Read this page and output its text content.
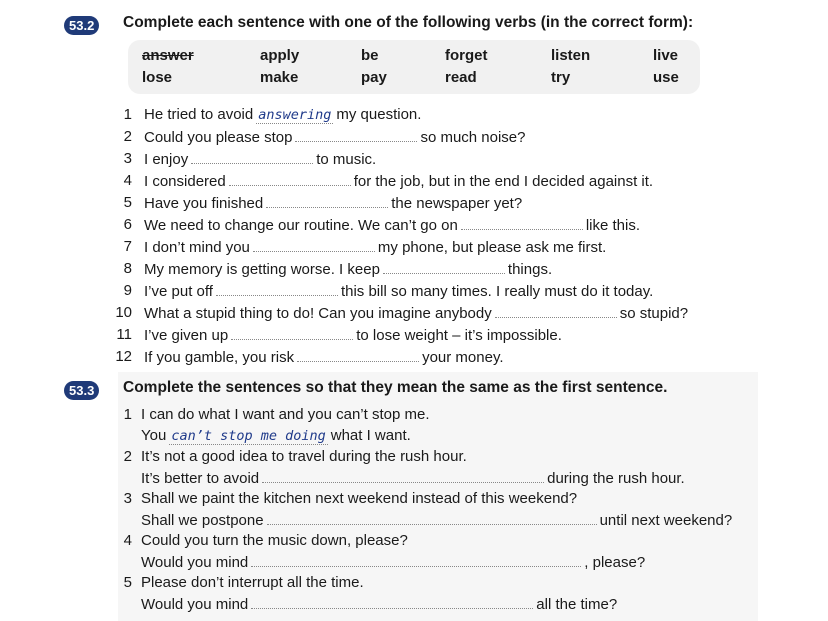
53.2	Complete each sentence with one of the following verbs (in the correct form):
answer	apply	be	forget	listen	live
lose	make	pay	read	try	use
1 He tried to avoid answering my question.
2 Could you please stop	so much noise?
3 I enjoy	to music.
4 I considered	for the job, but in the end I decided against it.
5 Have you finished	the newspaper yet?
6 We need to change our routine. We can’t go on	like this.
7 I don’t mind you	my phone, but please ask me first.
8 My memory is getting worse. I keep	things.
9 I’ve put off	this bill so many times. I really must do it today.
10 What a stupid thing to do! Can you imagine anybody	so stupid?
11 I’ve given up	to lose weight – it’s impossible.
12 If you gamble, you risk	your money.
53.3	Complete the sentences so that they mean the same as the first sentence.
1 I can do what I want and you can’t stop me.
You can’t stop me doing what I want.
2 It’s not a good idea to travel during the rush hour.
It’s better to avoid	during the rush hour.
3 Shall we paint the kitchen next weekend instead of this weekend?
Shall we postpone	until next weekend?
4 Could you turn the music down, please?
Would you mind	, please?
5 Please don’t interrupt all the time.
Would you mind	all the time?
